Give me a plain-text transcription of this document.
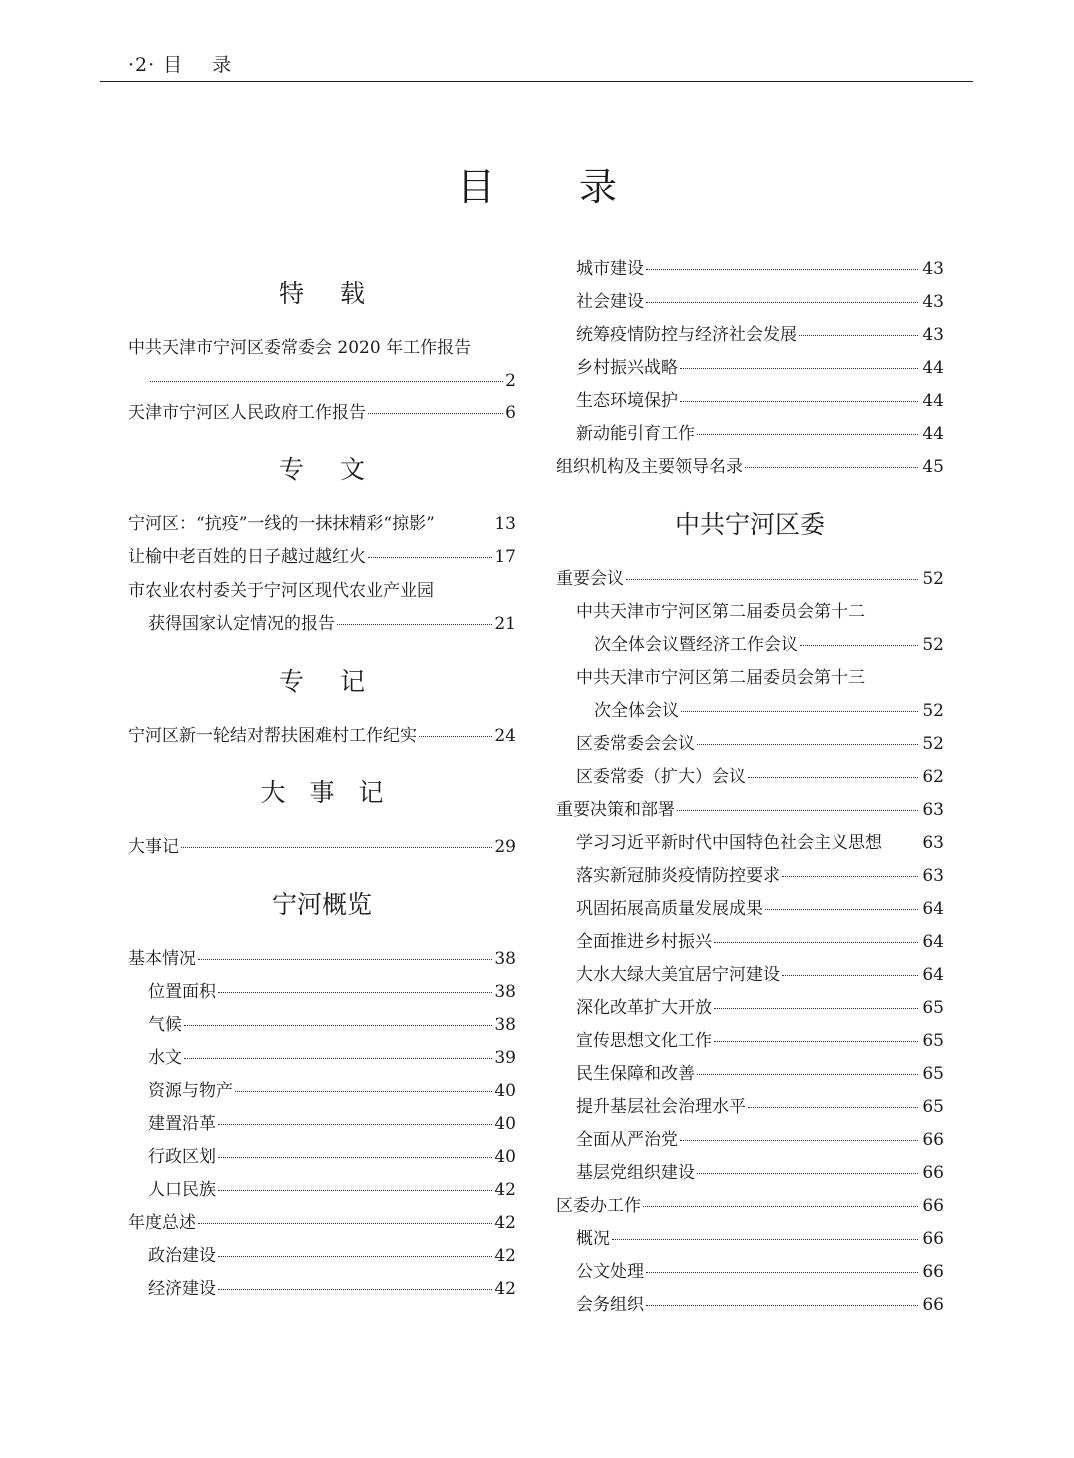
·2· 目 录
目 录
特 载
中共天津市宁河区委常委会 2020 年工作报告
2
天津市宁河区人民政府工作报告	6
专 文
宁河区：“抗疫”一线的一抹抹精彩“掠影”	13
让榆中老百姓的日子越过越红火	17
市农业农村委关于宁河区现代农业产业园
获得国家认定情况的报告	21
专 记
宁河区新一轮结对帮扶困难村工作纪实	24
大 事 记
大事记	29
宁河概览
基本情况	38
位置面积	38
气候	38
水文	39
资源与物产	40
建置沿革	40
行政区划	40
人口民族	42
年度总述	42
政治建设	42
经济建设	42
城市建设	43
社会建设	43
统筹疫情防控与经济社会发展	43
乡村振兴战略	44
生态环境保护	44
新动能引育工作	44
组织机构及主要领导名录	45
中共宁河区委
重要会议	52
中共天津市宁河区第二届委员会第十二
次全体会议暨经济工作会议	52
中共天津市宁河区第二届委员会第十三
次全体会议	52
区委常委会会议	52
区委常委（扩大）会议	62
重要决策和部署	63
学习习近平新时代中国特色社会主义思想 63
落实新冠肺炎疫情防控要求	63
巩固拓展高质量发展成果	64
全面推进乡村振兴	64
大水大绿大美宜居宁河建设	64
深化改革扩大开放	65
宣传思想文化工作	65
民生保障和改善	65
提升基层社会治理水平	65
全面从严治党	66
基层党组织建设	66
区委办工作	66
概况	66
公文处理	66
会务组织	66
